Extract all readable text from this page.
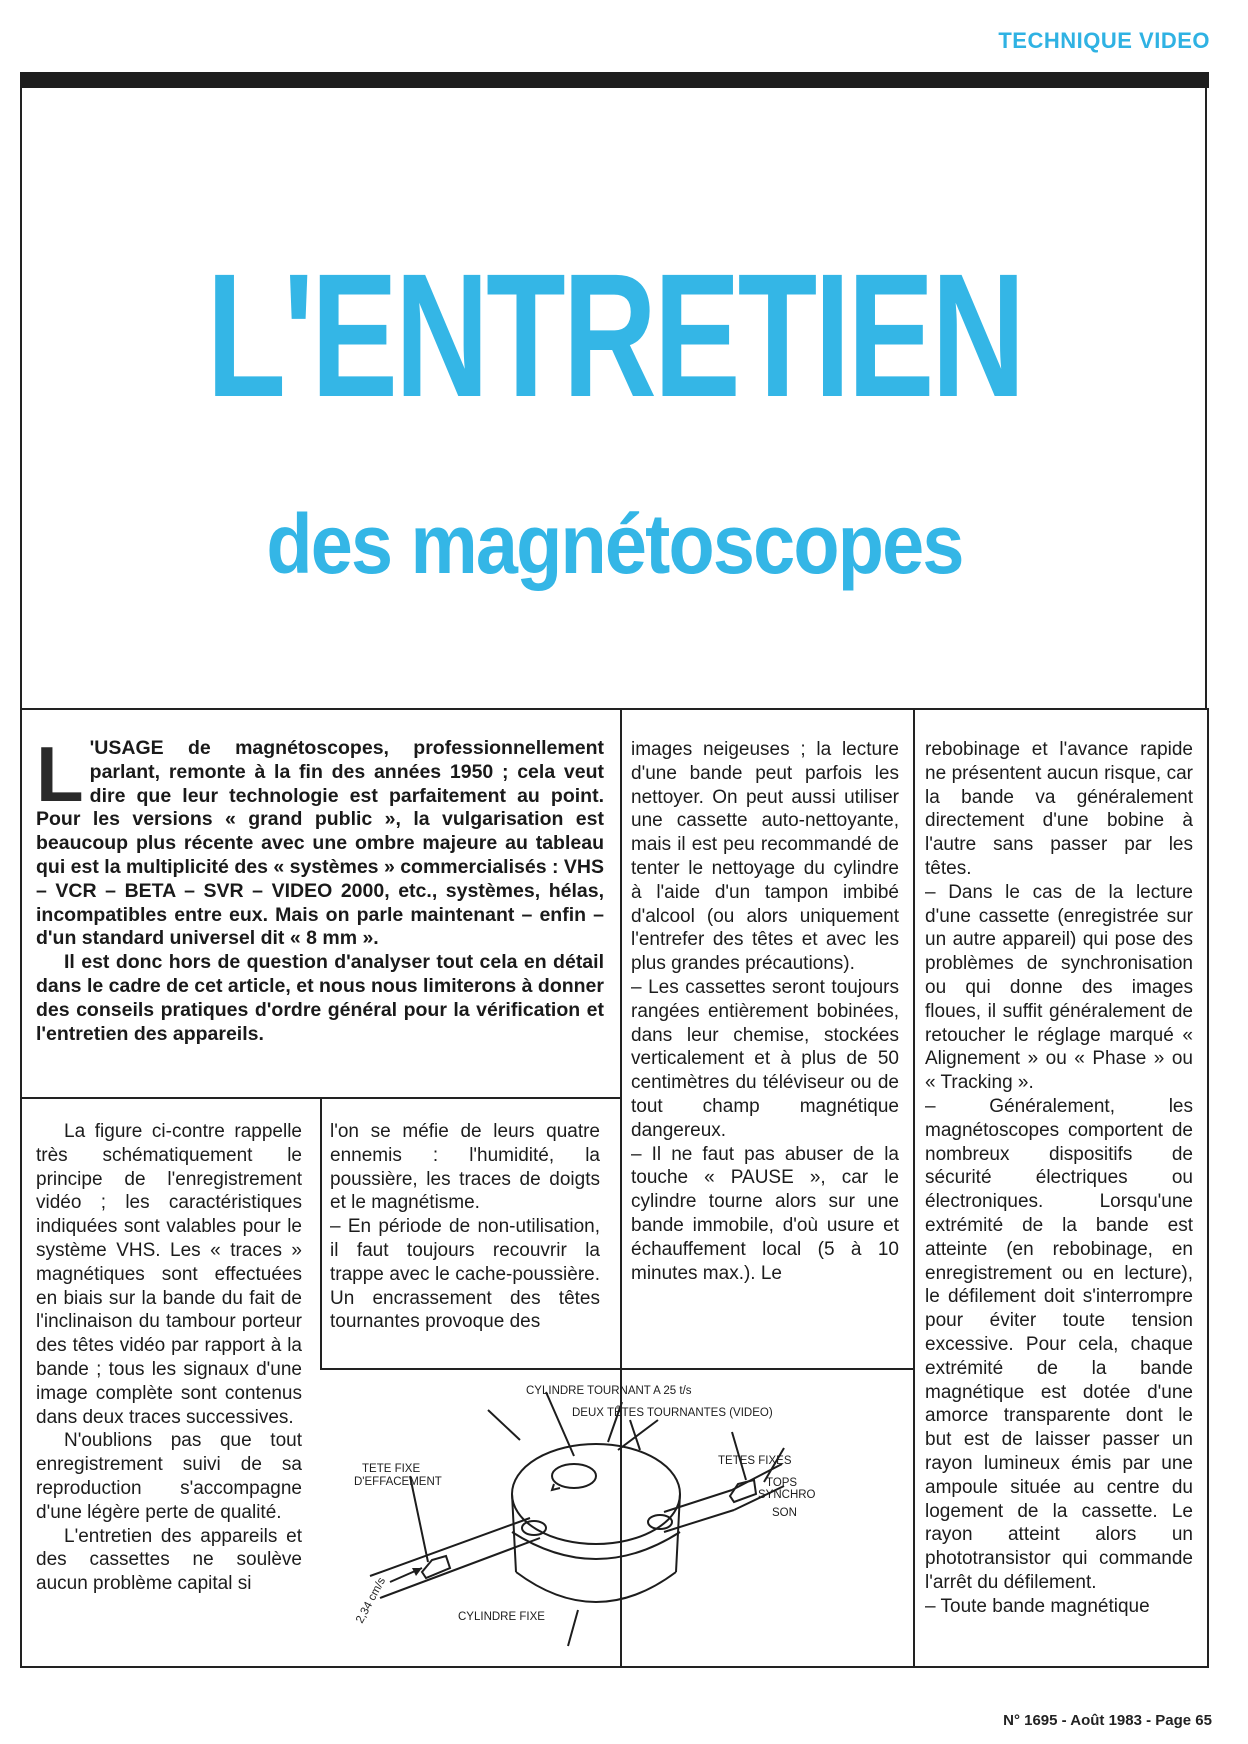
TECHNIQUE VIDEO
L'ENTRETIEN
des magnétoscopes
L 'USAGE de magnétoscopes, professionnellement parlant, remonte à la fin des années 1950 ; cela veut dire que leur technologie est parfaitement au point. Pour les versions « grand public », la vulgarisation est beaucoup plus récente avec une ombre majeure au tableau qui est la multiplicité des « systèmes » commercialisés : VHS – VCR – BETA – SVR – VIDEO 2000, etc., systèmes, hélas, incompatibles entre eux. Mais on parle maintenant – enfin – d'un standard universel dit « 8 mm ».

Il est donc hors de question d'analyser tout cela en détail dans le cadre de cet article, et nous nous limiterons à donner des conseils pratiques d'ordre général pour la vérification et l'entretien des appareils.

La figure ci-contre rappelle très schématiquement le principe de l'enregistrement vidéo ; les caractéristiques indiquées sont valables pour le système VHS. Les « traces » magnétiques sont effectuées en biais sur la bande du fait de l'inclinaison du tambour porteur des têtes vidéo par rapport à la bande ; tous les signaux d'une image complète sont contenus dans deux traces successives.

N'oublions pas que tout enregistrement suivi de sa reproduction s'accompagne d'une légère perte de qualité.

L'entretien des appareils et des cassettes ne soulève aucun problème capital si

l'on se méfie de leurs quatre ennemis : l'humidité, la poussière, les traces de doigts et le magnétisme.

– En période de non-utilisation, il faut toujours recouvrir la trappe avec le cache-poussière. Un encrassement des têtes tournantes provoque des

images neigeuses ; la lecture d'une bande peut parfois les nettoyer. On peut aussi utiliser une cassette auto-nettoyante, mais il est peu recommandé de tenter le nettoyage du cylindre à l'aide d'un tampon imbibé d'alcool (ou alors uniquement l'entrefer des têtes et avec les plus grandes précautions).

– Les cassettes seront toujours rangées entièrement bobinées, dans leur chemise, stockées verticalement et à plus de 50 centimètres du téléviseur ou de tout champ magnétique dangereux.

– Il ne faut pas abuser de la touche « PAUSE », car le cylindre tourne alors sur une bande immobile, d'où usure et échauffement local (5 à 10 minutes max.). Le

rebobinage et l'avance rapide ne présentent aucun risque, car la bande va généralement directement d'une bobine à l'autre sans passer par les têtes.

– Dans le cas de la lecture d'une cassette (enregistrée sur un autre appareil) qui pose des problèmes de synchronisation ou qui donne des images floues, il suffit généralement de retoucher le réglage marqué « Alignement » ou « Phase » ou « Tracking ».

– Généralement, les magnétoscopes comportent de nombreux dispositifs de sécurité électriques ou électroniques. Lorsqu'une extrémité de la bande est atteinte (en rebobinage, en enregistrement ou en lecture), le défilement doit s'interrompre pour éviter toute tension excessive. Pour cela, chaque extrémité de la bande magnétique est dotée d'une amorce transparente dont le but est de laisser passer un rayon lumineux émis par une ampoule située au centre du logement de la cassette. Le rayon atteint alors un phototransistor qui commande l'arrêt du défilement.

– Toute bande magnétique

CYLINDRE TOURNANT A 25 t/s
DEUX TÊTES TOURNANTES (VIDEO)
TETES FIXES
TETE FIXE
D'EFFACEMENT	TOPS
SYNCHRO
SON
2,34 cm/s	CYLINDRE FIXE
N° 1695 - Août 1983 - Page 65
